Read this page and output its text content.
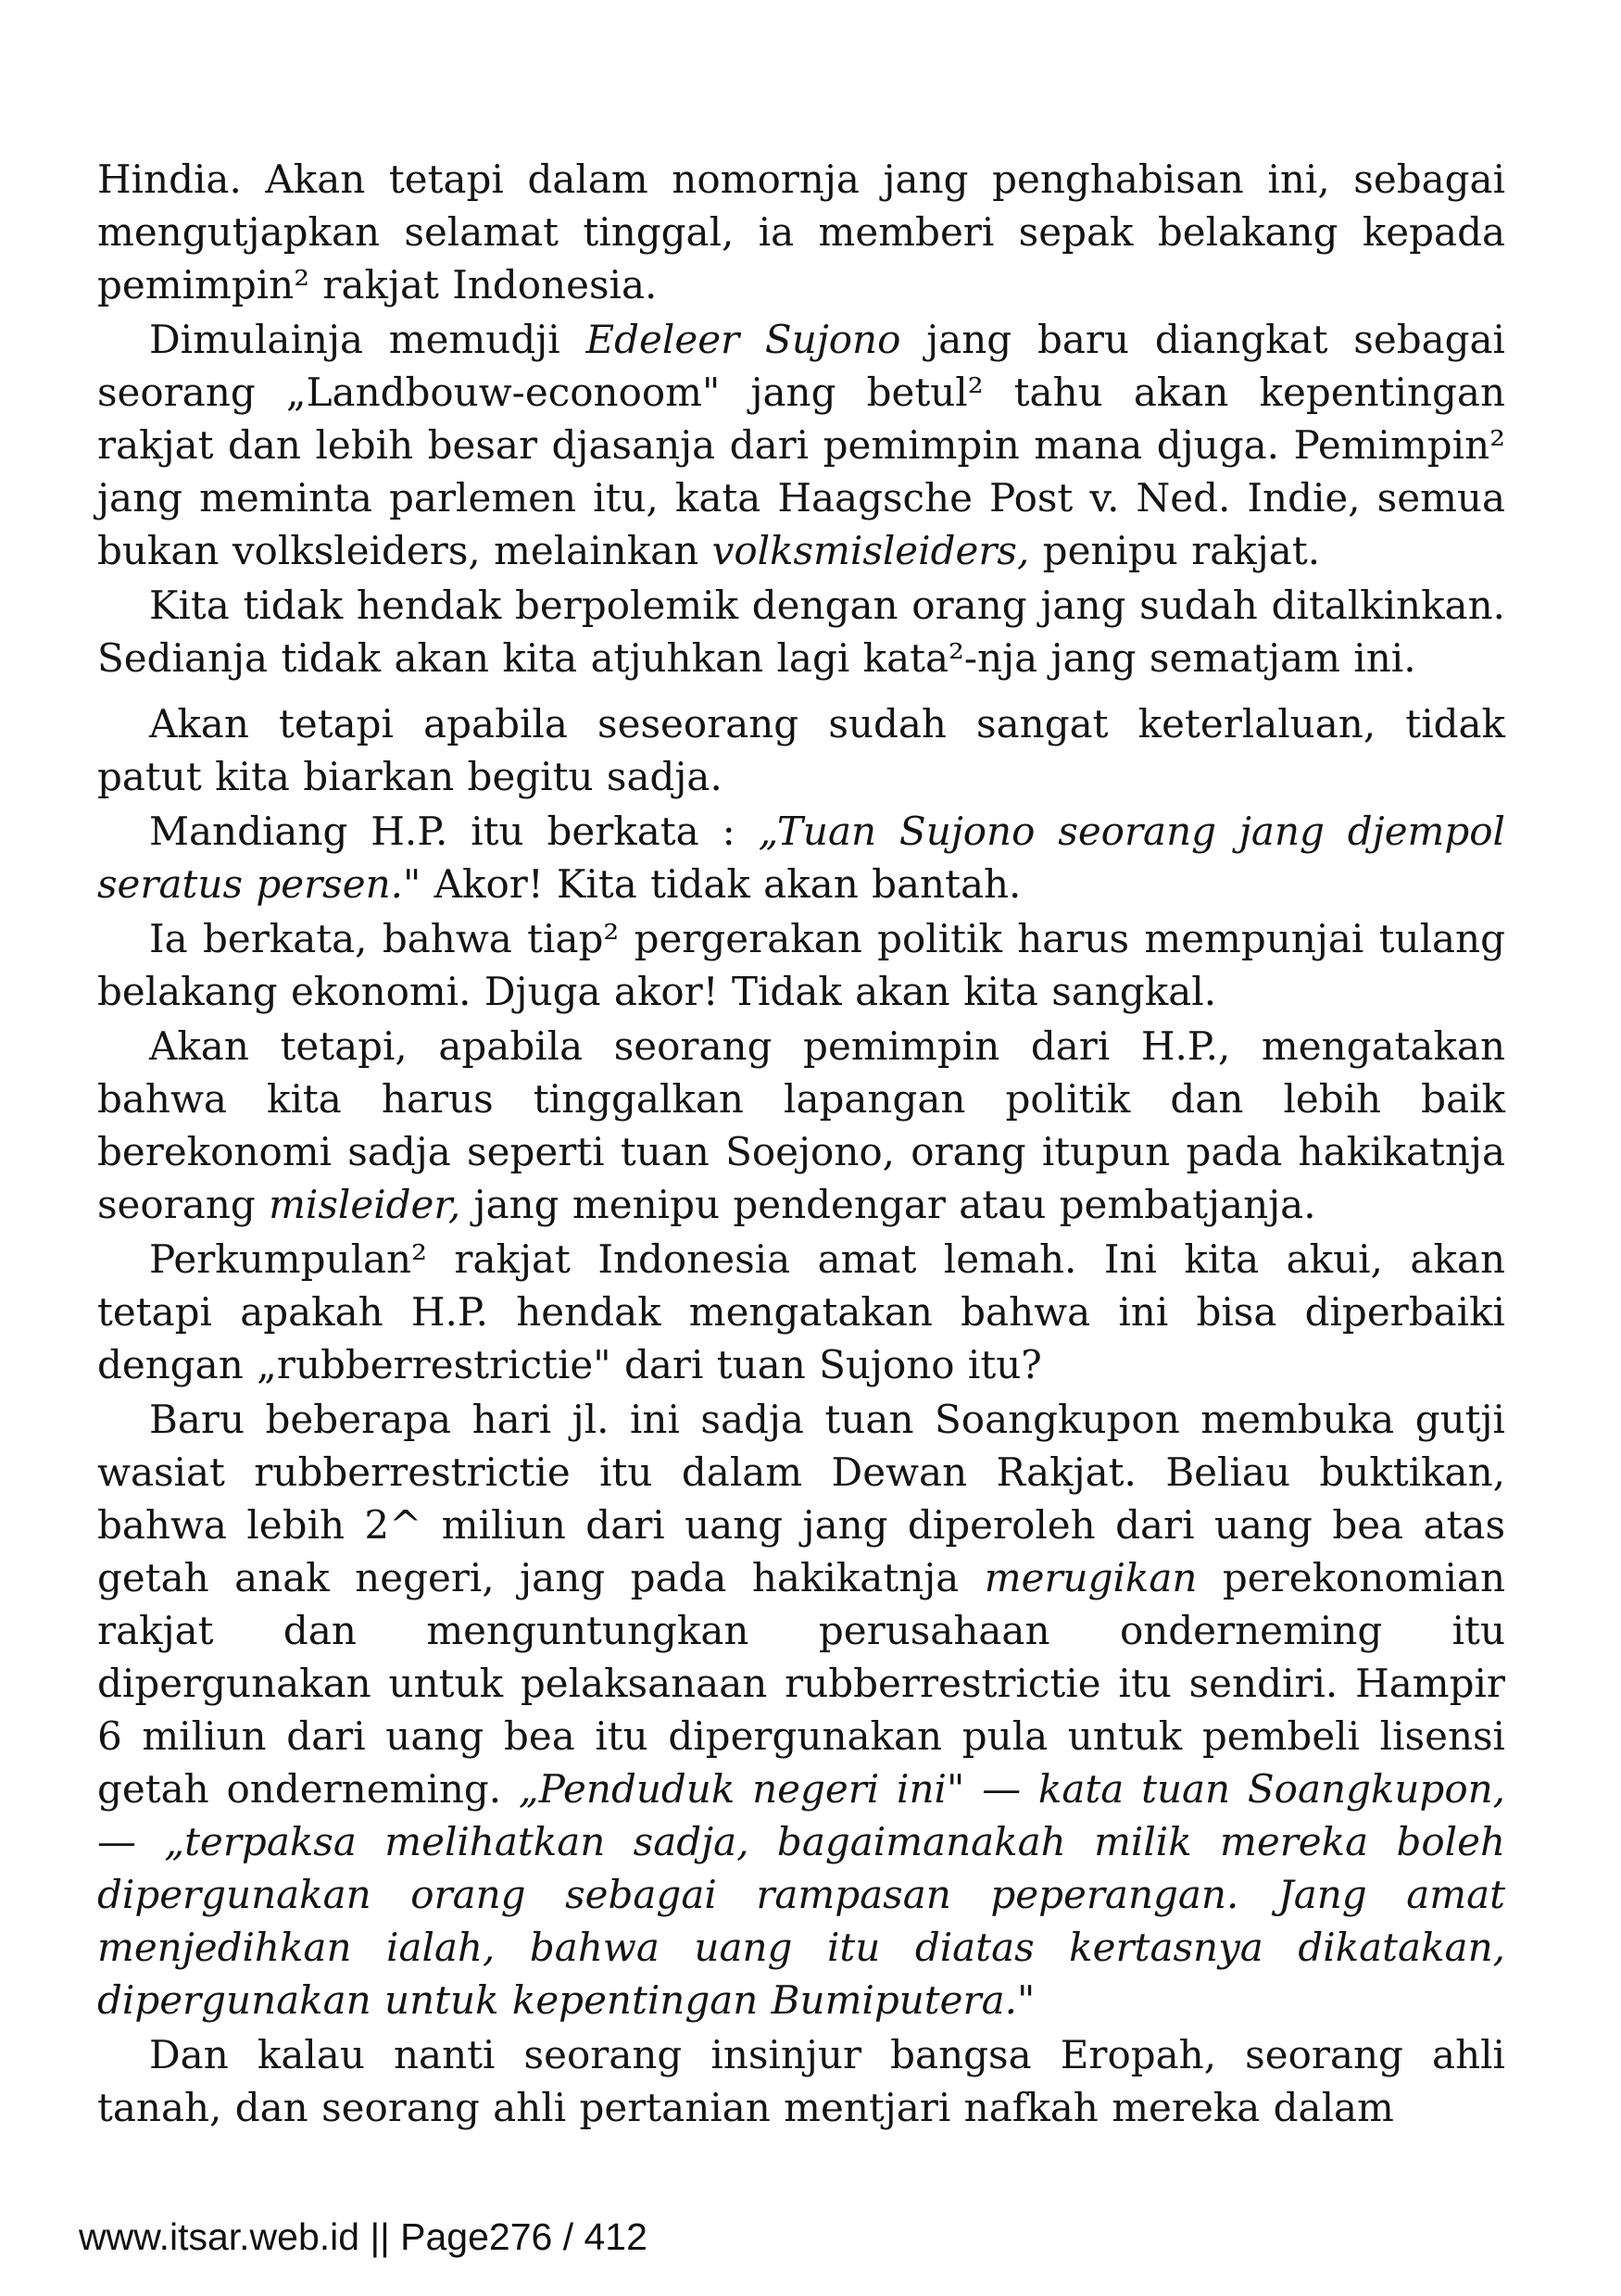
Hindia. Akan tetapi dalam nomornja jang penghabisan ini, sebagai mengutjapkan selamat tinggal, ia memberi sepak belakang kepada pemimpin² rakjat Indonesia.

Dimulainja memudji Edeleer Sujono jang baru diangkat sebagai seorang „Landbouw-econoom" jang betul² tahu akan kepentingan rakjat dan lebih besar djasanja dari pemimpin mana djuga. Pemimpin² jang meminta parlemen itu, kata Haagsche Post v. Ned. Indie, semua bukan volksleiders, melainkan volksmisleiders, penipu rakjat.

Kita tidak hendak berpolemik dengan orang jang sudah ditalkinkan. Sedianja tidak akan kita atjuhkan lagi kata²-nja jang sematjam ini.

Akan tetapi apabila seseorang sudah sangat keterlaluan, tidak patut kita biarkan begitu sadja.

Mandiang H.P. itu berkata : „Tuan Sujono seorang jang djempol seratus persen." Akor! Kita tidak akan bantah.

Ia berkata, bahwa tiap² pergerakan politik harus mempunjai tulang belakang ekonomi. Djuga akor! Tidak akan kita sangkal.

Akan tetapi, apabila seorang pemimpin dari H.P., mengatakan bahwa kita harus tinggalkan lapangan politik dan lebih baik berekonomi sadja seperti tuan Soejono, orang itupun pada hakikatnja seorang misleider, jang menipu pendengar atau pembatjanja.

Perkumpulan² rakjat Indonesia amat lemah. Ini kita akui, akan tetapi apakah H.P. hendak mengatakan bahwa ini bisa diperbaiki dengan „rubberrestrictie" dari tuan Sujono itu?

Baru beberapa hari jl. ini sadja tuan Soangkupon membuka gutji wasiat rubberrestrictie itu dalam Dewan Rakjat. Beliau buktikan, bahwa lebih 2^ miliun dari uang jang diperoleh dari uang bea atas getah anak negeri, jang pada hakikatnja merugikan perekonomian rakjat dan menguntungkan perusahaan onderneming itu dipergunakan untuk pelaksanaan rubberrestrictie itu sendiri. Hampir 6 miliun dari uang bea itu dipergunakan pula untuk pembeli lisensi getah onderneming. „Penduduk negeri ini" — kata tuan Soangkupon, — „terpaksa melihatkan sadja, bagaimanakah milik mereka boleh dipergunakan orang sebagai rampasan peperangan. Jang amat menjedihkan ialah, bahwa uang itu diatas kertasnya dikatakan, dipergunakan untuk kepentingan Bumiputera."

Dan kalau nanti seorang insinjur bangsa Eropah, seorang ahli tanah, dan seorang ahli pertanian mentjari nafkah mereka dalam

www.itsar.web.id || Page276 / 412
